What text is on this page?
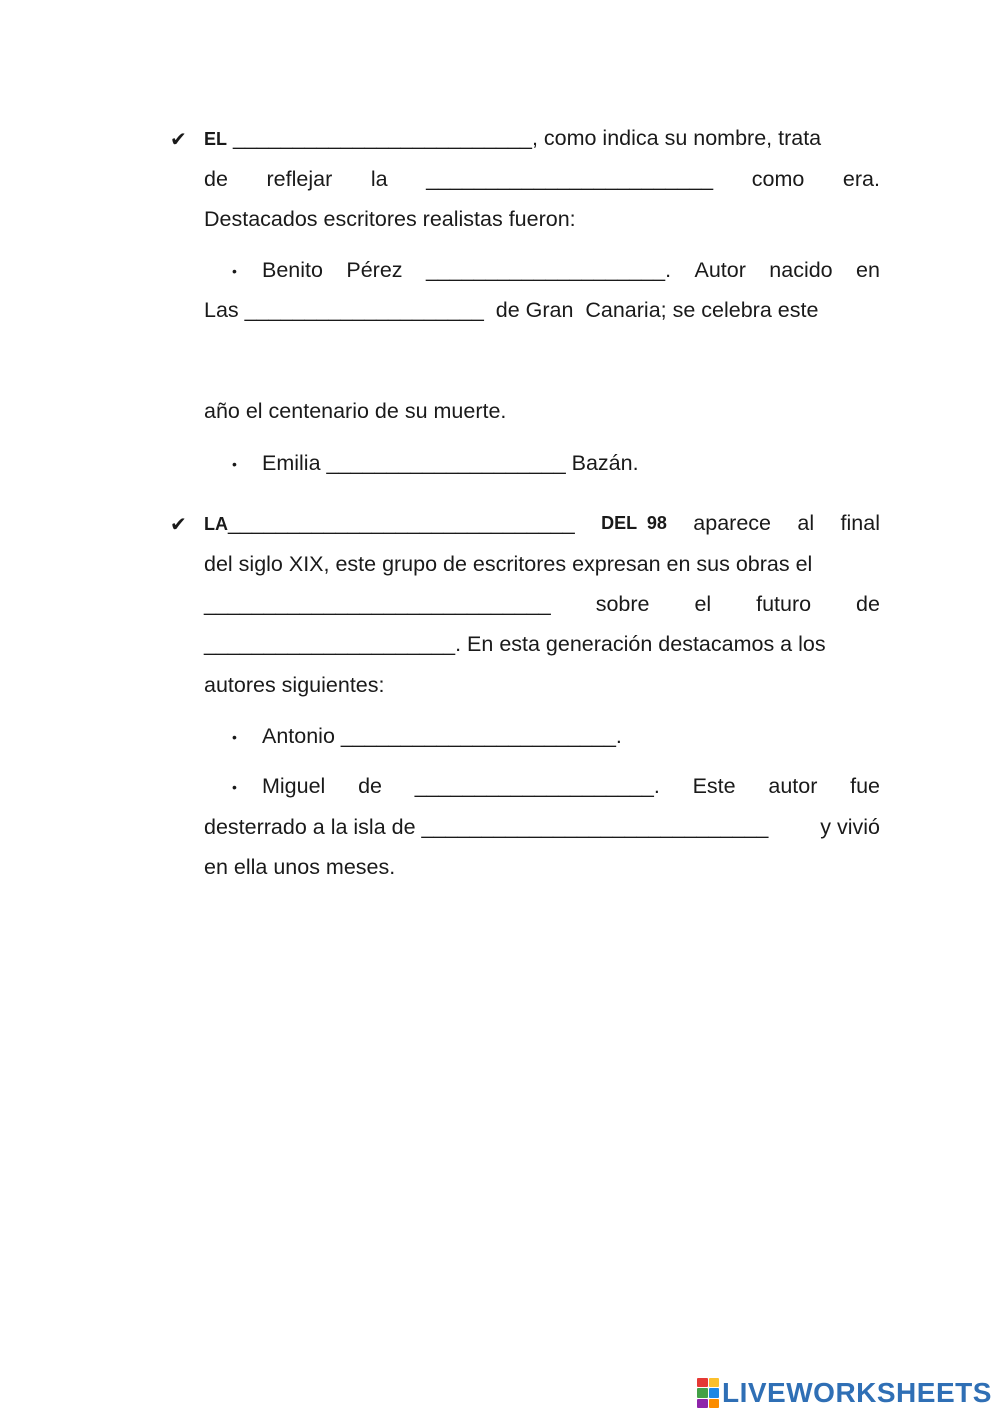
✔ EL _________________________, como indica su nombre, trata
de reflejar la ________________________ como era.
Destacados escritores realistas fueron:
• Benito Pérez ____________________. Autor nacido en
Las ____________________  de Gran  Canaria; se celebra este
año el centenario de su muerte.
• Emilia ____________________ Bazán.
✔ LA_____________________________ DEL  98 aparece al final
del siglo XIX, este grupo de escritores expresan en sus obras el
_____________________________ sobre el futuro de
_____________________. En esta generación destacamos a los
autores siguientes:
• Antonio _______________________.
• Miguel de ____________________. Este autor fue
desterrado a la isla de _____________________________ y vivió
en ella unos meses.
LIVEWORKSHEETS
